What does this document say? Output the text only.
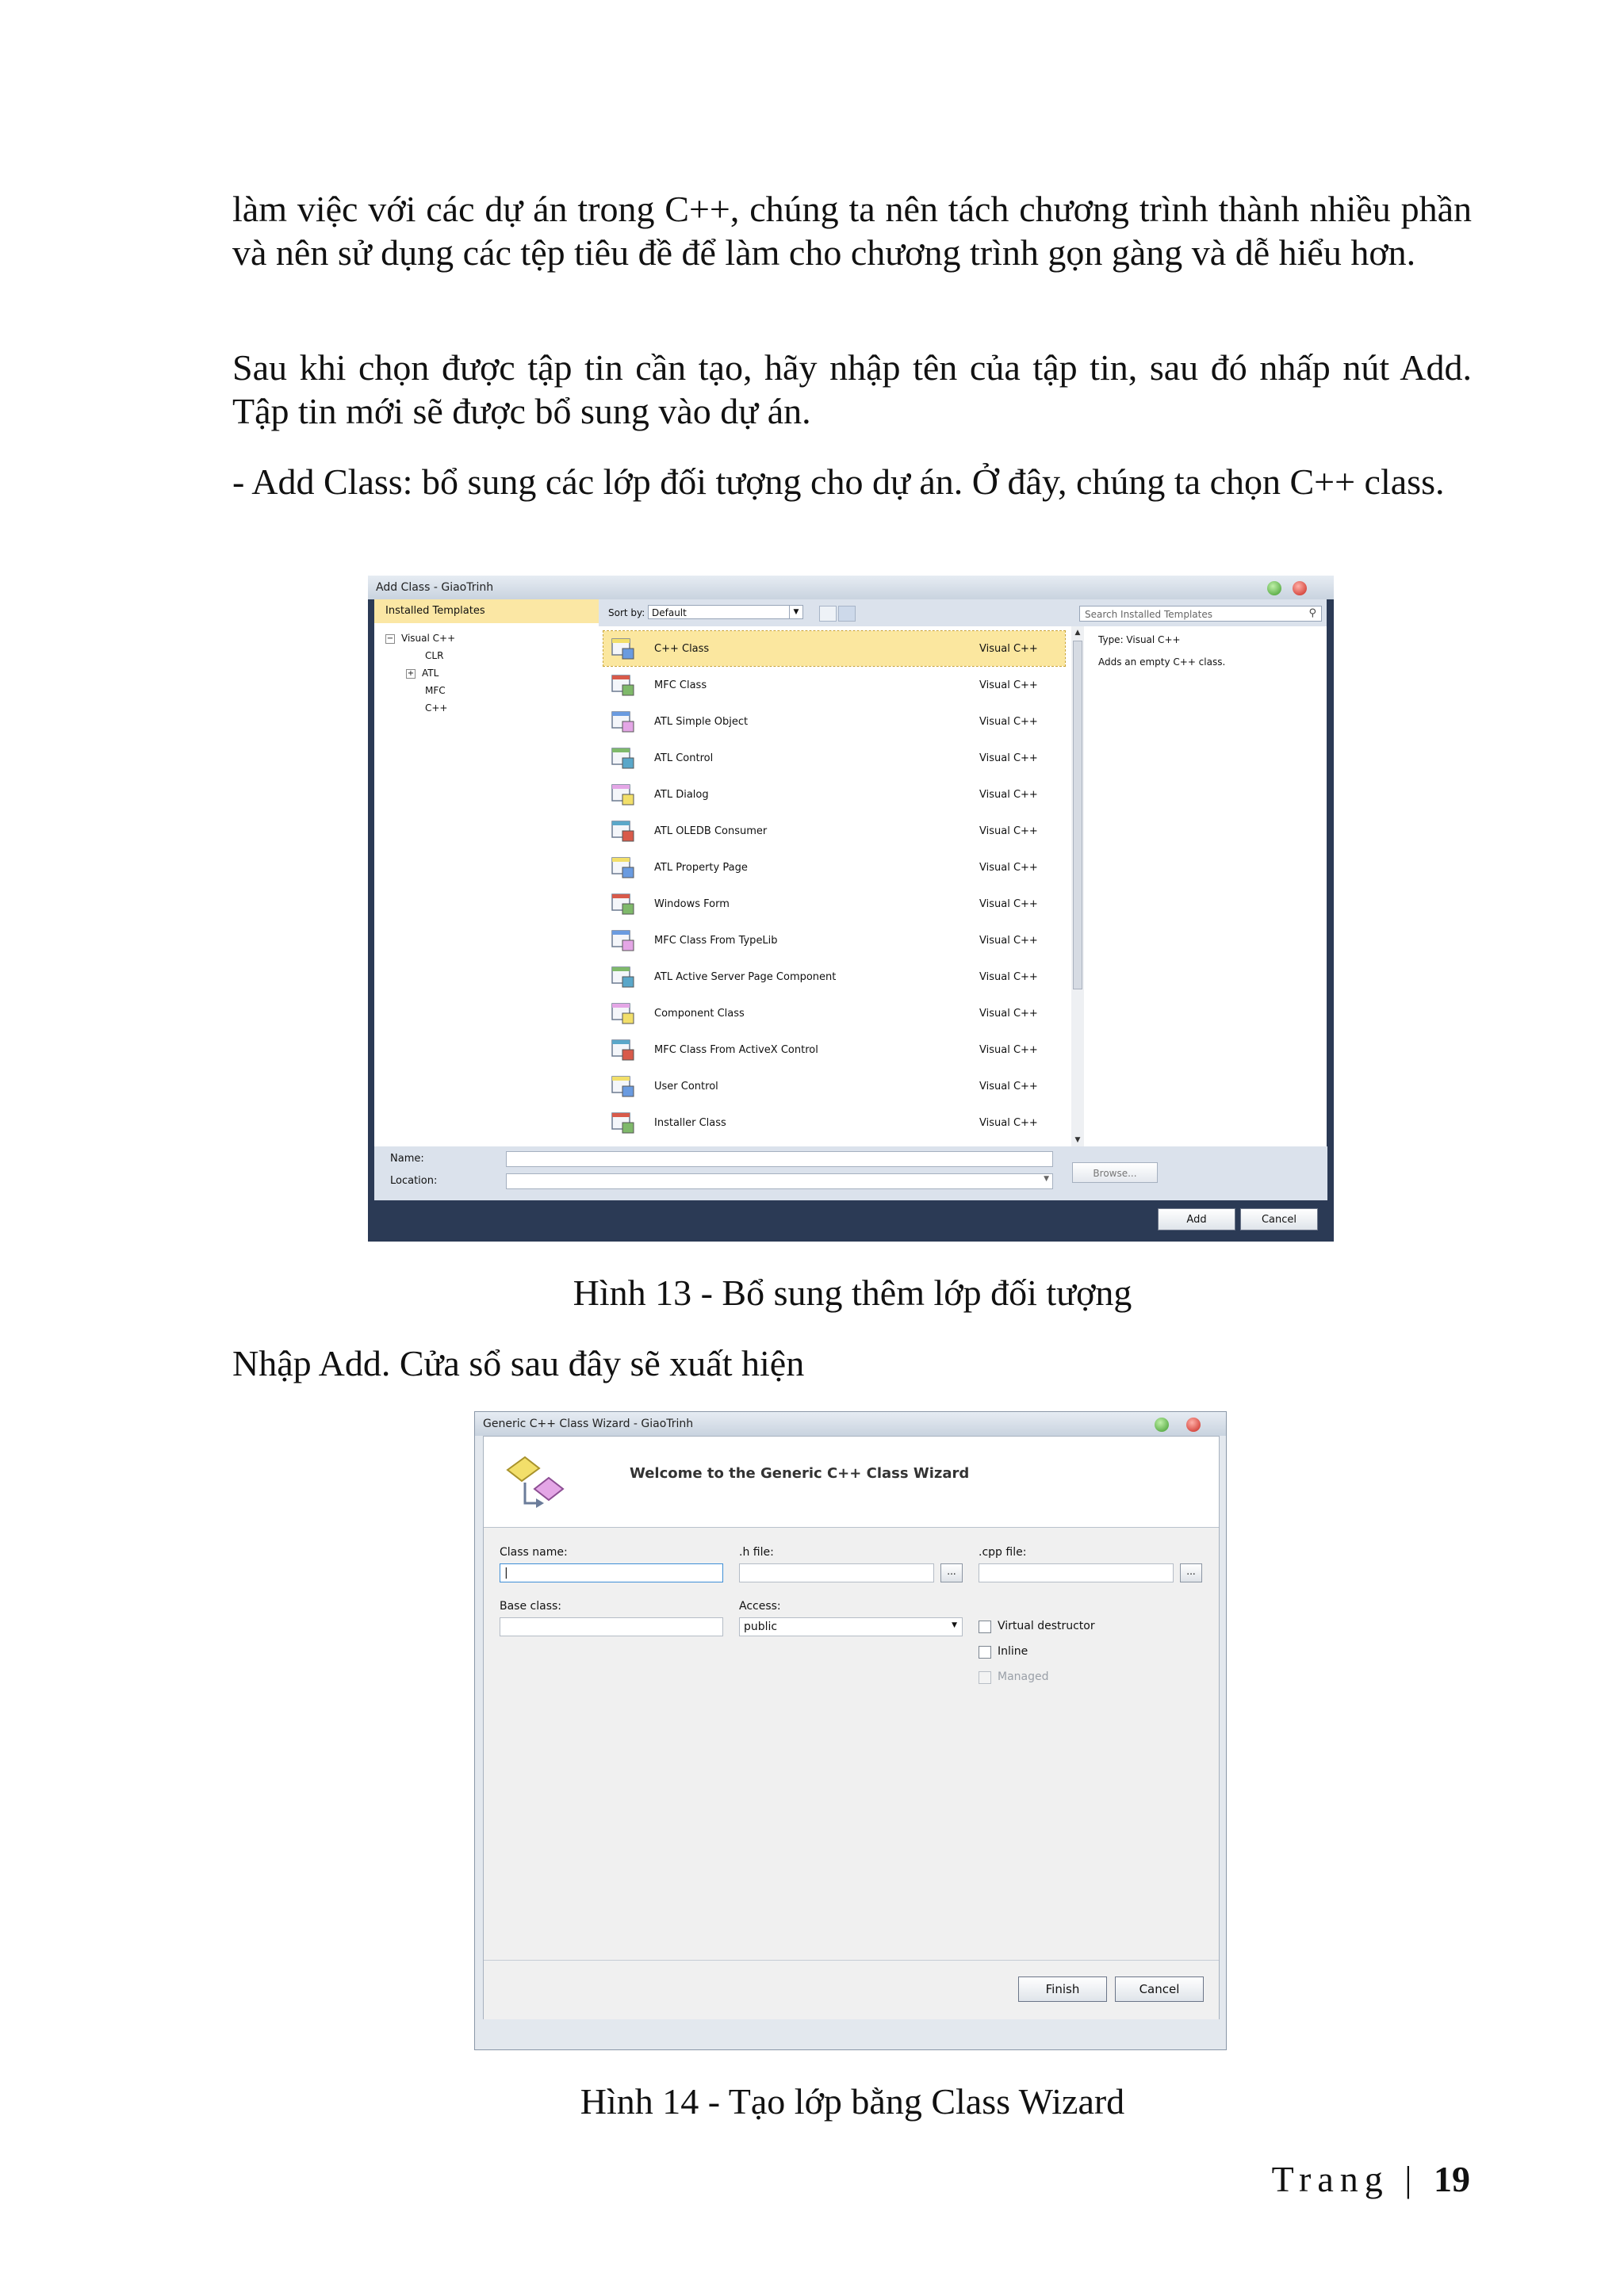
làm việc với các dự án trong C++, chúng ta nên tách chương trình thành nhiều phần và nên sử dụng các tệp tiêu đề để làm cho chương trình gọn gàng và dễ hiểu hơn.

Sau khi chọn được tập tin cần tạo, hãy nhập tên của tập tin, sau đó nhấp nút Add. Tập tin mới sẽ được bổ sung vào dự án.

- Add Class: bổ sung các lớp đối tượng cho dự án. Ở đây, chúng ta chọn C++ class.

Add Class - GiaoTrinh
Installed Templates
− Visual C++
CLR
+ ATL
MFC
C++
Sort by: Default	▼	Search Installed Templates	⚲
C++ Class	Visual C++
MFC Class	Visual C++
ATL Simple Object	Visual C++
ATL Control	Visual C++
ATL Dialog	Visual C++
ATL OLEDB Consumer	Visual C++
ATL Property Page	Visual C++
Windows Form	Visual C++
MFC Class From TypeLib	Visual C++
ATL Active Server Page Component	Visual C++
Component Class	Visual C++
MFC Class From ActiveX Control	Visual C++
User Control	Visual C++
Installer Class	Visual C++
▲
▼
Type: Visual C++
Adds an empty C++ class.
Name:
Location:	▼	Browse...
Add	Cancel

Hình 13 - Bổ sung thêm lớp đối tượng

Nhập Add. Cửa sổ sau đây sẽ xuất hiện

Generic C++ Class Wizard - GiaoTrinh
Welcome to the Generic C++ Class Wizard
Class name:
|
.h file:
...
.cpp file:
...
Base class:	Access:
public	▼	Virtual destructor
Inline
Managed
Finish	Cancel

Hình 14 - Tạo lớp bằng Class Wizard

Trang | 19
